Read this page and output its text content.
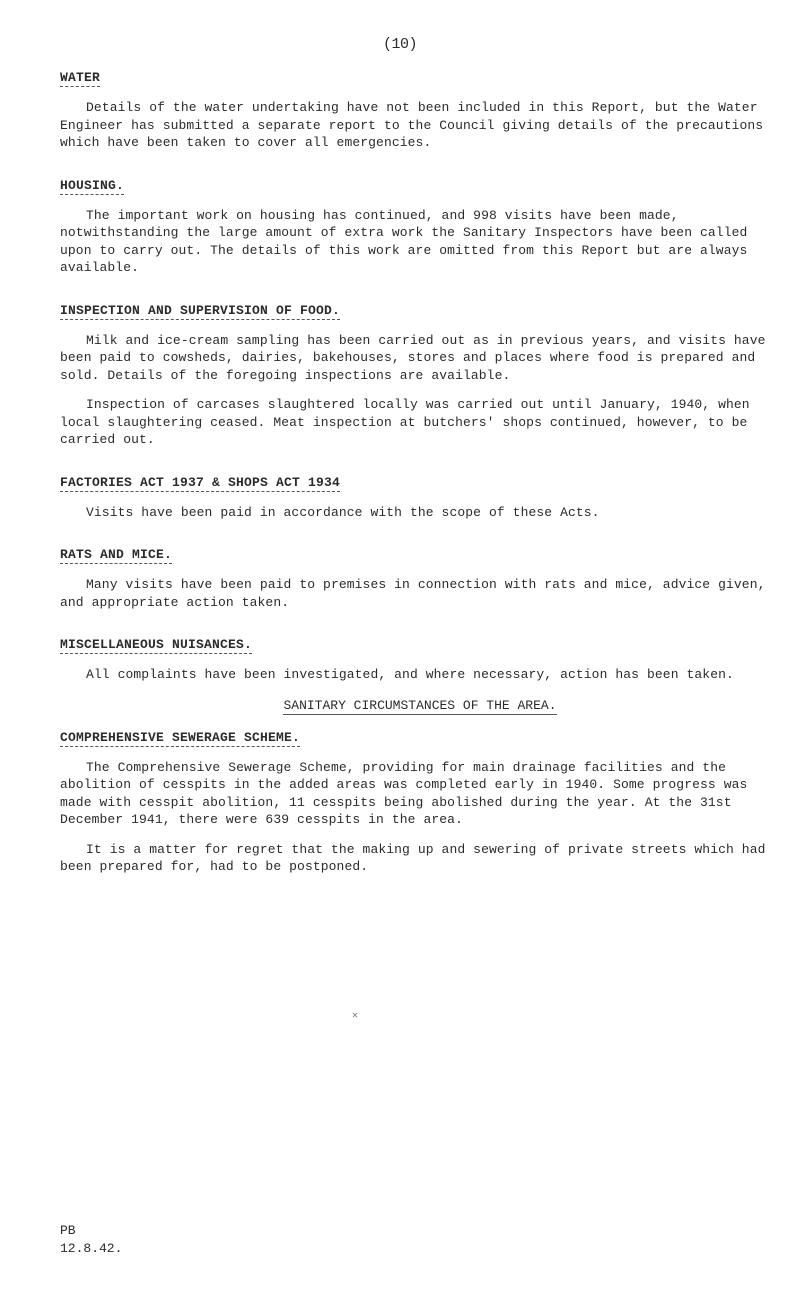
(10)
WATER

Details of the water undertaking have not been included in this Report, but the Water Engineer has submitted a separate report to the Council giving details of the precautions which have been taken to cover all emergencies.

HOUSING.

The important work on housing has continued, and 998 visits have been made, notwithstanding the large amount of extra work the Sanitary Inspectors have been called upon to carry out. The details of this work are omitted from this Report but are always available.

INSPECTION AND SUPERVISION OF FOOD.

Milk and ice-cream sampling has been carried out as in previous years, and visits have been paid to cowsheds, dairies, bakehouses, stores and places where food is prepared and sold. Details of the foregoing inspections are available.

Inspection of carcases slaughtered locally was carried out until January, 1940, when local slaughtering ceased. Meat inspection at butchers' shops continued, however, to be carried out.

FACTORIES ACT 1937 & SHOPS ACT 1934

Visits have been paid in accordance with the scope of these Acts.

RATS AND MICE.

Many visits have been paid to premises in connection with rats and mice, advice given, and appropriate action taken.

MISCELLANEOUS NUISANCES.

All complaints have been investigated, and where necessary, action has been taken.

SANITARY CIRCUMSTANCES OF THE AREA.
COMPREHENSIVE SEWERAGE SCHEME.

The Comprehensive Sewerage Scheme, providing for main drainage facilities and the abolition of cesspits in the added areas was completed early in 1940. Some progress was made with cesspit abolition, 11 cesspits being abolished during the year. At the 31st December 1941, there were 639 cesspits in the area.

It is a matter for regret that the making up and sewering of private streets which had been prepared for, had to be postponed.

✕
PB
12.8.42.
